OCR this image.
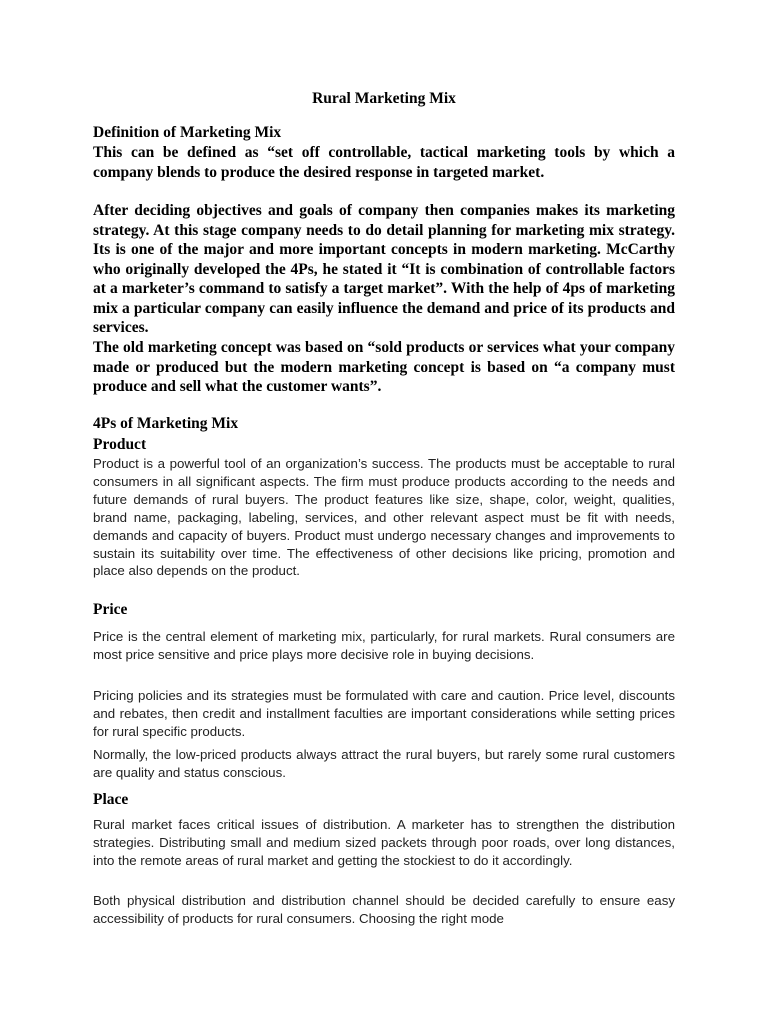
Rural Marketing Mix
Definition of Marketing Mix

This can be defined as “set off controllable, tactical marketing tools by which a company blends to produce the desired response in targeted market.

After deciding objectives and goals of company then companies makes its marketing strategy. At this stage company needs to do detail planning for marketing mix strategy. Its is one of the major and more important concepts in modern marketing. McCarthy who originally developed the 4Ps, he stated it “It is combination of controllable factors at a marketer’s command to satisfy a target market”. With the help of 4ps of marketing mix a particular company can easily influence the demand and price of its products and services.

The old marketing concept was based on “sold products or services what your company made or produced but the modern marketing concept is based on “a company must produce and sell what the customer wants”.

4Ps of Marketing Mix
Product

Product is a powerful tool of an organization’s success. The products must be acceptable to rural consumers in all significant aspects. The firm must produce products according to the needs and future demands of rural buyers. The product features like size, shape, color, weight, qualities, brand name, packaging, labeling, services, and other relevant aspect must be fit with needs, demands and capacity of buyers. Product must undergo necessary changes and improvements to sustain its suitability over time. The effectiveness of other decisions like pricing, promotion and place also depends on the product.

Price

Price is the central element of marketing mix, particularly, for rural markets. Rural consumers are most price sensitive and price plays more decisive role in buying decisions.

Pricing policies and its strategies must be formulated with care and caution. Price level, discounts and rebates, then credit and installment faculties are important considerations while setting prices for rural specific products.

Normally, the low-priced products always attract the rural buyers, but rarely some rural customers are quality and status conscious.

Place

Rural market faces critical issues of distribution. A marketer has to strengthen the distribution strategies. Distributing small and medium sized packets through poor roads, over long distances, into the remote areas of rural market and getting the stockiest to do it accordingly.

Both physical distribution and distribution channel should be decided carefully to ensure easy accessibility of products for rural consumers. Choosing the right mode
